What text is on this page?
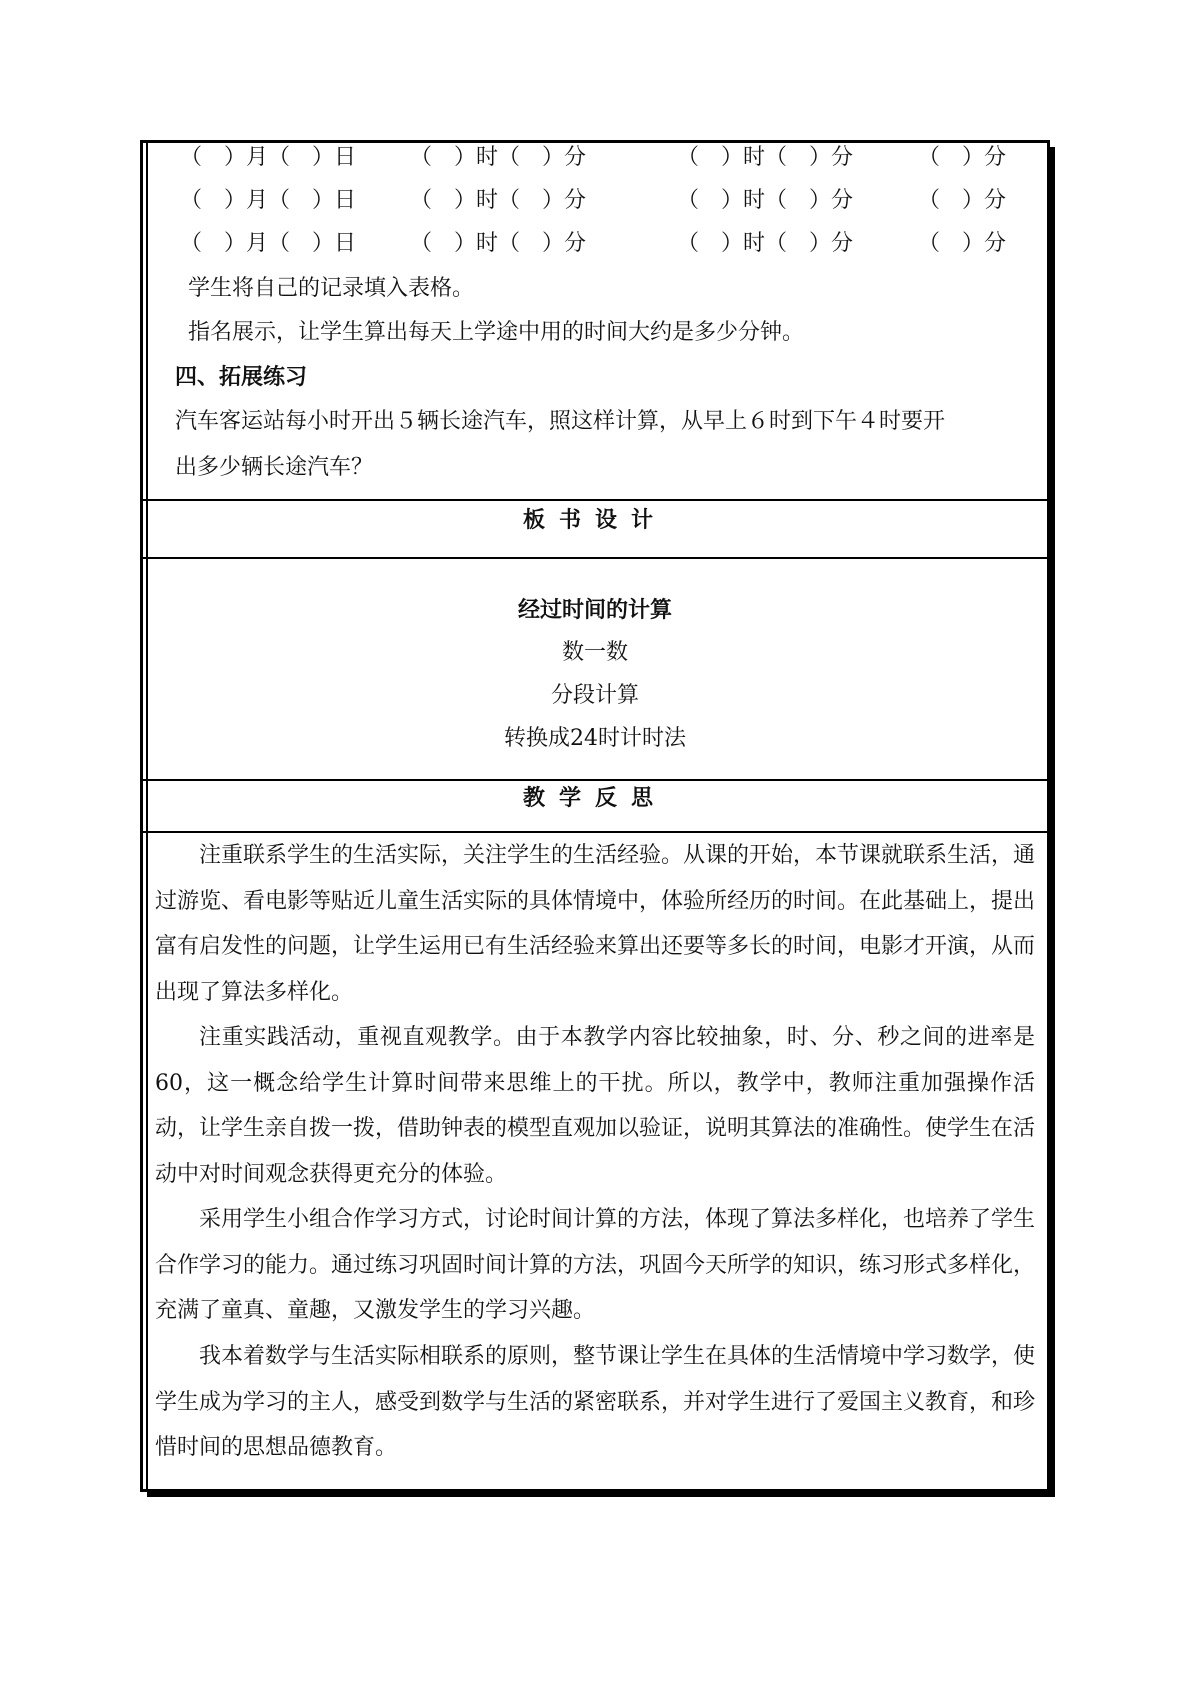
（　）月（　）日 （　）时（　）分	（　）时（　）分	（　）分
（　）月（　）日 （　）时（　）分	（　）时（　）分	（　）分
（　）月（　）日 （　）时（　）分	（　）时（　）分	（　）分
学生将自己的记录填入表格。
指名展示，让学生算出每天上学途中用的时间大约是多少分钟。
四、拓展练习
汽车客运站每小时开出５辆长途汽车，照这样计算，从早上６时到下午４时要开
出多少辆长途汽车？
板书设计
经过时间的计算
数一数
分段计算
转换成24时计时法
教学反思

注重联系学生的生活实际，关注学生的生活经验。从课的开始，本节课就联系生活，通过游览、看电影等贴近儿童生活实际的具体情境中，体验所经历的时间。在此基础上，提出富有启发性的问题，让学生运用已有生活经验来算出还要等多长的时间，电影才开演，从而出现了算法多样化。

注重实践活动，重视直观教学。由于本教学内容比较抽象，时、分、秒之间的进率是60，这一概念给学生计算时间带来思维上的干扰。所以，教学中，教师注重加强操作活动，让学生亲自拨一拨，借助钟表的模型直观加以验证，说明其算法的准确性。使学生在活动中对时间观念获得更充分的体验。

采用学生小组合作学习方式，讨论时间计算的方法，体现了算法多样化，也培养了学生合作学习的能力。通过练习巩固时间计算的方法，巩固今天所学的知识，练习形式多样化，充满了童真、童趣，又激发学生的学习兴趣。

我本着数学与生活实际相联系的原则，整节课让学生在具体的生活情境中学习数学，使学生成为学习的主人，感受到数学与生活的紧密联系，并对学生进行了爱国主义教育，和珍惜时间的思想品德教育。
